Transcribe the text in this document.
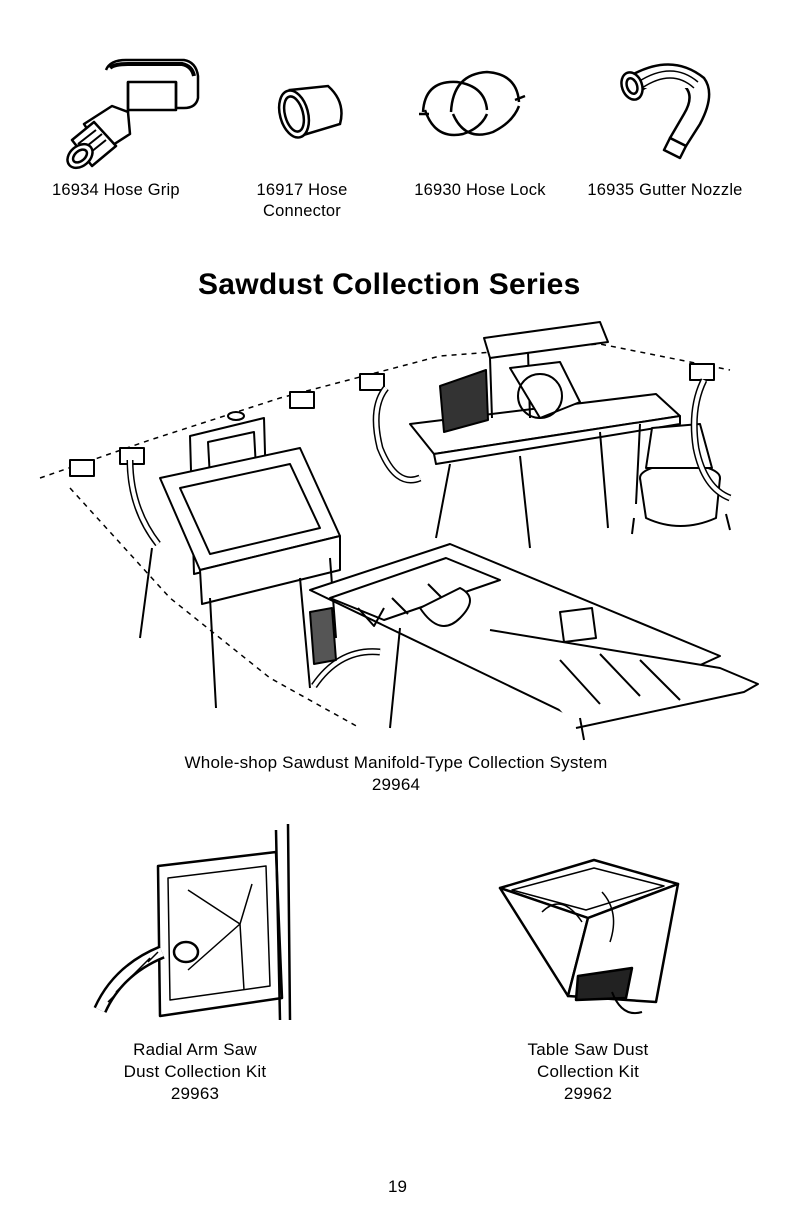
16934 Hose Grip	16917 Hose
Connector
16930 Hose Lock	16935 Gutter Nozzle
Sawdust Collection Series
Whole-shop Sawdust Manifold-Type Collection System
29964
Radial Arm Saw
Dust Collection Kit
29963
Table Saw Dust
Collection Kit
29962
19
